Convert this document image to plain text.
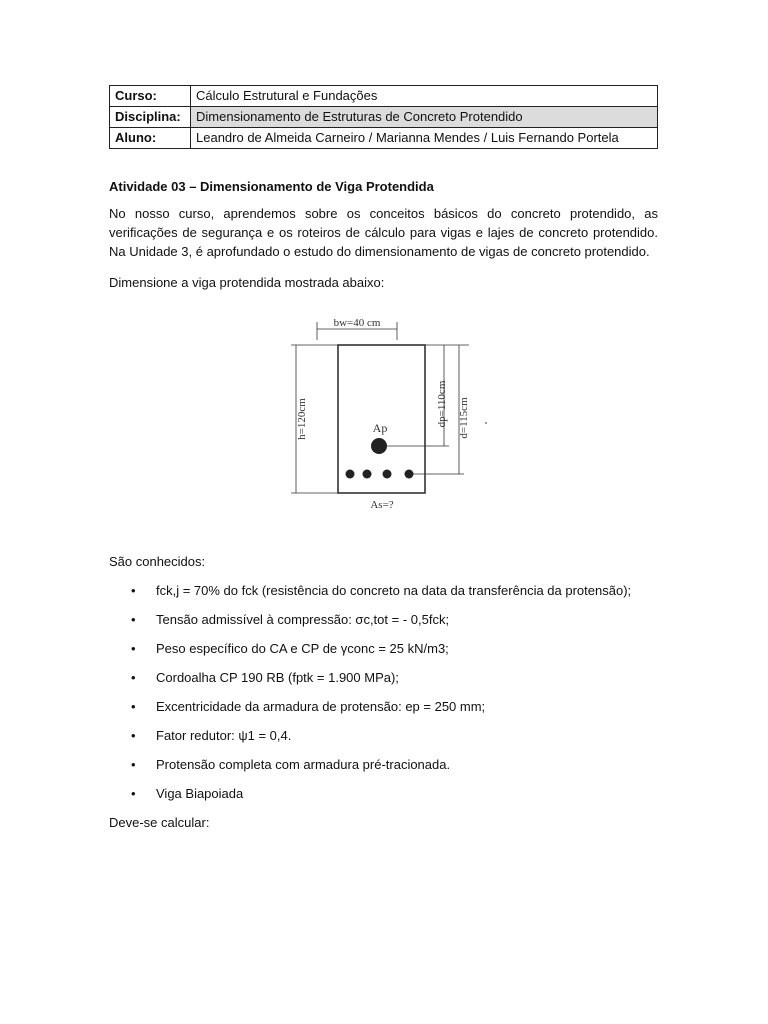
Curso:	Cálculo Estrutural e Fundações
Disciplina:	Dimensionamento de Estruturas de Concreto Protendido
Aluno:	Leandro de Almeida Carneiro / Marianna Mendes / Luis Fernando Portela
Atividade 03 – Dimensionamento de Viga Protendida

No nosso curso, aprendemos sobre os conceitos básicos do concreto protendido, as verificações de segurança e os roteiros de cálculo para vigas e lajes de concreto protendido. Na Unidade 3, é aprofundado o estudo do dimensionamento de vigas de concreto protendido.

Dimensione a viga protendida mostrada abaixo:

bw=40 cm
h=120cm	dp=110cm d=115cm
Ap
As=?

São conhecidos:

• fck,j = 70% do fck (resistência do concreto na data da transferência da protensão);
• Tensão admissível à compressão: σc,tot = - 0,5fck;
• Peso específico do CA e CP de γconc = 25 kN/m3;
• Cordoalha CP 190 RB (fptk = 1.900 MPa);
• Excentricidade da armadura de protensão: ep = 250 mm;
• Fator redutor: ψ1 = 0,4.
• Protensão completa com armadura pré-tracionada.
• Viga Biapoiada
Deve-se calcular:
